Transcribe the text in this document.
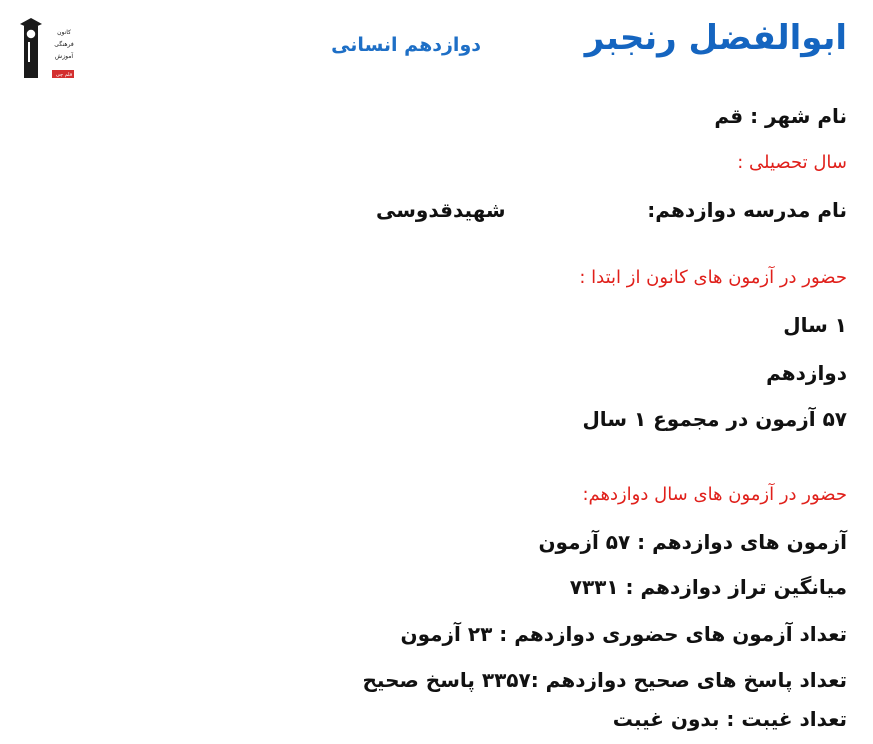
قلم چی
کانون
فرهنگی
آموزش	ابوالفضل رنجبر
دوازدهم انسانی
نام شهر : قم
سال تحصیلی :
نام مدرسه دوازدهم:
شهیدقدوسی
حضور در آزمون های کانون از ابتدا :
۱ سال
دوازدهم
۵۷ آزمون در مجموع ۱ سال
حضور در آزمون های سال دوازدهم:
آزمون های دوازدهم : ۵۷ آزمون
میانگین تراز دوازدهم : ۷۳۳۱
تعداد آزمون های حضوری دوازدهم : ۲۳ آزمون
تعداد پاسخ های صحیح دوازدهم :۳۳۵۷ پاسخ صحیح
تعداد غیبت : بدون غیبت
